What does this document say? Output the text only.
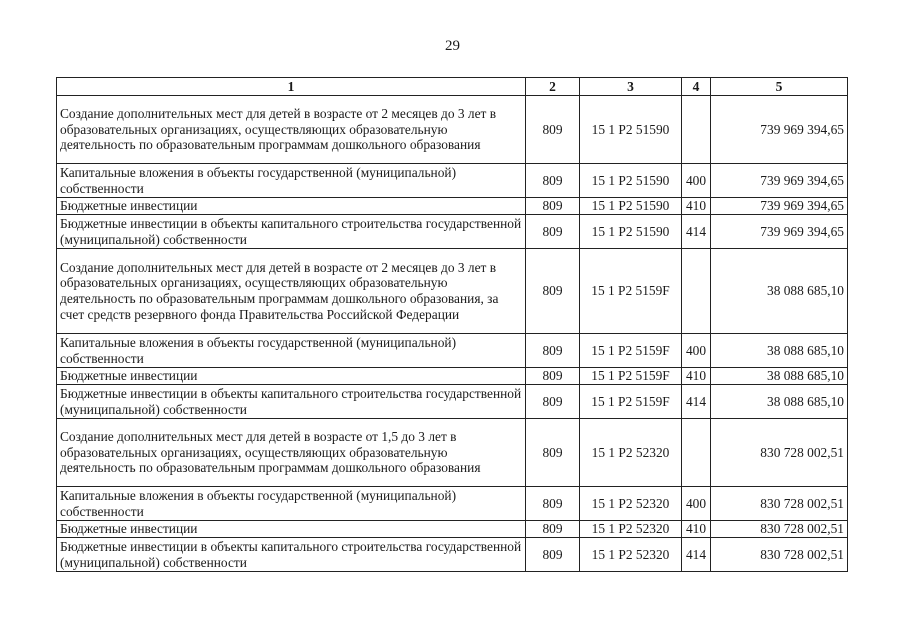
29
1	2	3	4	5
Создание дополнительных мест для детей в возрасте от 2 месяцев до 3 лет в образовательных организациях, осуществляющих образовательную деятельность по образовательным программам дошкольного образования	809	15 1 P2 51590		739 969 394,65
Капитальные вложения в объекты государственной (муниципальной) собственности	809	15 1 P2 51590	400	739 969 394,65
Бюджетные инвестиции	809	15 1 P2 51590	410	739 969 394,65
Бюджетные инвестиции в объекты капитального строительства государственной (муниципальной) собственности	809	15 1 P2 51590	414	739 969 394,65
Создание дополнительных мест для детей в возрасте от 2 месяцев до 3 лет в образовательных организациях, осуществляющих образовательную деятельность по образовательным программам дошкольного образования, за счет средств резервного фонда Правительства Российской Федерации	809	15 1 P2 5159F		38 088 685,10
Капитальные вложения в объекты государственной (муниципальной) собственности	809	15 1 P2 5159F	400	38 088 685,10
Бюджетные инвестиции	809	15 1 P2 5159F	410	38 088 685,10
Бюджетные инвестиции в объекты капитального строительства государственной (муниципальной) собственности	809	15 1 P2 5159F	414	38 088 685,10
Создание дополнительных мест для детей в возрасте от 1,5 до 3 лет в образовательных организациях, осуществляющих образовательную деятельность по образовательным программам дошкольного образования	809	15 1 P2 52320		830 728 002,51
Капитальные вложения в объекты государственной (муниципальной) собственности	809	15 1 P2 52320	400	830 728 002,51
Бюджетные инвестиции	809	15 1 P2 52320	410	830 728 002,51
Бюджетные инвестиции в объекты капитального строительства государственной (муниципальной) собственности	809	15 1 P2 52320	414	830 728 002,51
